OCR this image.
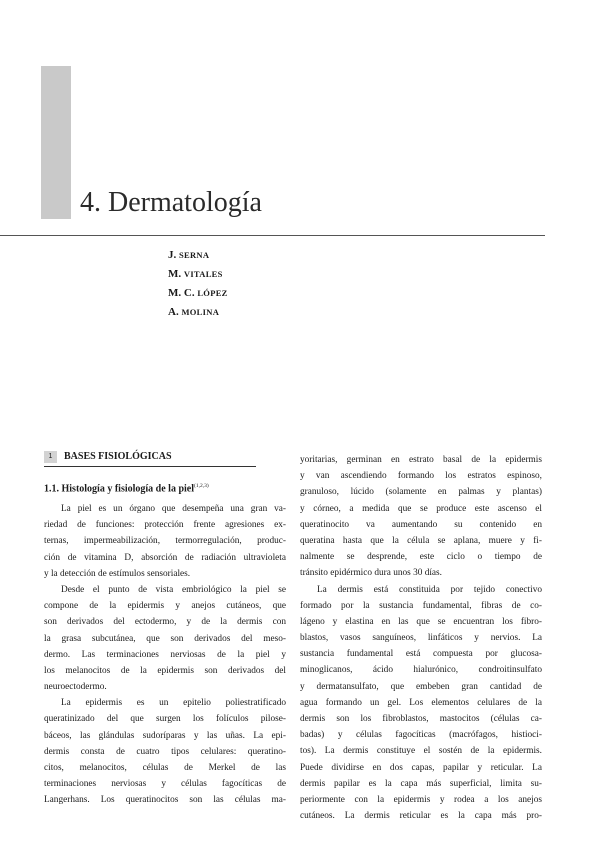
4. Dermatología
J. SERNA
M. VITALES
M. C. LÓPEZ
A. MOLINA
1	BASES FISIOLÓGICAS
1.1. Histología y fisiología de la piel$^{(1,2,3)}$
La piel es un órgano que desempeña una gran va-
riedad de funciones: protección frente agresiones ex-
ternas, impermeabilización, termorregulación, produc-
ción de vitamina D, absorción de radiación ultravioleta
y la detección de estímulos sensoriales.
Desde el punto de vista embriológico la piel se
compone de la epidermis y anejos cutáneos, que
son derivados del ectodermo, y de la dermis con
la grasa subcutánea, que son derivados del meso-
dermo. Las terminaciones nerviosas de la piel y
los melanocitos de la epidermis son derivados del
neuroectodermo.
La epidermis es un epitelio poliestratificado
queratinizado del que surgen los folículos pilose-
báceos, las glándulas sudoríparas y las uñas. La epi-
dermis consta de cuatro tipos celulares: queratino-
citos, melanocitos, células de Merkel de las
terminaciones nerviosas y células fagocíticas de
Langerhans. Los queratinocitos son las células ma-
yoritarias, germinan en estrato basal de la epidermis
y van ascendiendo formando los estratos espinoso,
granuloso, lúcido (solamente en palmas y plantas)
y córneo, a medida que se produce este ascenso el
queratinocito va aumentando su contenido en
queratina hasta que la célula se aplana, muere y fi-
nalmente se desprende, este ciclo o tiempo de
tránsito epidérmico dura unos 30 días.
La dermis está constituida por tejido conectivo
formado por la sustancia fundamental, fibras de co-
lágeno y elastina en las que se encuentran los fibro-
blastos, vasos sanguíneos, linfáticos y nervios. La
sustancia fundamental está compuesta por glucosa-
minoglicanos, ácido hialurónico, condroitinsulfato
y dermatansulfato, que embeben gran cantidad de
agua formando un gel. Los elementos celulares de la
dermis son los fibroblastos, mastocitos (células ca-
badas) y células fagocíticas (macrófagos, histioci-
tos). La dermis constituye el sostén de la epidermis.
Puede dividirse en dos capas, papilar y reticular. La
dermis papilar es la capa más superficial, limita su-
periormente con la epidermis y rodea a los anejos
cutáneos. La dermis reticular es la capa más pro-
